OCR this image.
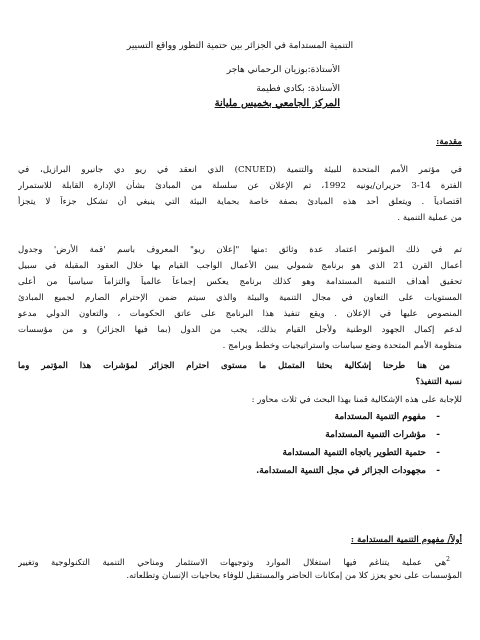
التنمية المستدامة في الجزائر بين حتمية التطور وواقع التسيير
الأستاذة:بوزيان الرحماني هاجر
الأستاذة: بكادي فطيمة
المركز الجامعي بخميس مليانة
مقدمة:
في مؤتمر الأمم المتحدة للبيئة والتنمية (CNUED) الذي انعقد في ريو دي جانيرو البرازيل، في
الفترة 14-3 حزيران/يونيه 1992، تم الإعلان عن سلسلة من المبادئ بشأن الإدارة القابلة للاستمرار
اقتصادياً . ويتعلق أحد هذه المبادئ بصفة خاصة بحماية البيئة التي ينبغي أن تشكل جزءاً لا يتجزأ
من عملية التنمية .
تم في ذلك المؤتمر اعتماد عدة وثائق :منها "إعلان ريو" المعروف باسم 'قمة الأرض' وجدول
أعمال القرن 21 الذي هو برنامج شمولي يبين الأعمال الواجب القيام بها خلال العقود المقبلة في سبيل
تحقيق أهداف التنمية المستدامة وهو كذلك برنامج يعكس إجماعاً عالمياً والتزاماً سياسياً من أعلى
المستويات على التعاون في مجال التنمية والبيئة والذي سيتم ضمن الإحترام الصارم لجميع المبادئ
المنصوص عليها في الإعلان . ويقع تنفيذ هذا البرنامج على عاتق الحكومات ، والتعاون الدولي مدعو
لدعم إكمال الجهود الوطنية ولأجل القيام بذلك، يجب من الدول (بما فيها الجزائر) و من مؤسسات
منظومة الأمم المتحدة وضع سياسات واستراتيجيات وخطط وبرامج .
من هنا طرحنا إشكالية بحثنا المتمثل ما مستوى احترام الجزائر لمؤشرات هذا المؤتمر وما
نسبة التنفيذ؟
للإجابة على هذه الإشكالية قمنا بهذا البحث في ثلاث محاور :
-مفهوم التنمية المستدامة
-مؤشرات التنمية المستدامة
-حتمية التطوير باتجاه التنمية المستدامة
-مجهودات الجزائر في مجل التنمية المستدامة.
أولاً/ مفهوم التنمية المستدامة :
$^2$هي عملية يتناغم فيها استغلال الموارد وتوجيهات الاستثمار ومناحي التنمية التكنولوجية وتغيير
المؤسسات على نحو يعزز كلا من إمكانات الحاضر والمستقبل للوفاء بحاجيات الإنسان وتطلعاته.
